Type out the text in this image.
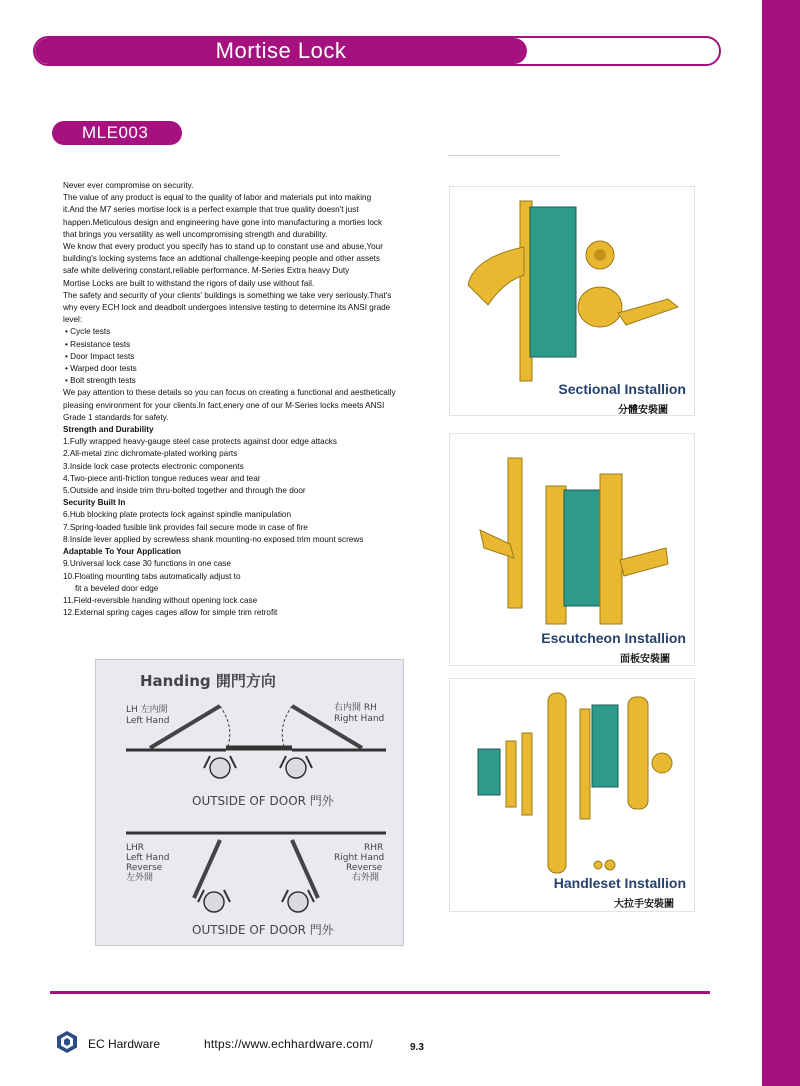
Mortise Lock
MLE003
Never ever compromise on security.
The value of any product is equal to the quality of labor and materials put into making
it.And the M7 series mortise lock is a perfect example that true quality doesn't just
happen.Meticulous design and engineering have gone into manufacturing a morties lock
that brings you versatility as well uncompromising strength and durability.
We know that every product you specify has to stand up to constant use and abuse,Your
building's locking systems face an addtional challenge-keeping people and other assets
safe white delivering constant,reliable performance. M-Series Extra heavy Duty
Mortise Locks are built to withstand the rigors of daily use without fail.
The safety and security of your clients' buildings is something we take very seriously.That's
why every ECH lock and deadbolt undergoes intensive testing to determine its ANSI grade
level:
• Cycle tests
• Resistance tests
• Door Impact tests
• Warped door tests
• Bolt strength tests
We pay attention to these details so you can focus on creating a functional and aesthetically
pleasing environment for your clients.In fact,enery one of our M-Series locks meets ANSI
Grade 1 standards for safety.
Strength and Durability
1.Fully wrapped heavy-gauge steel case protects against door edge attacks
2.All-metal zinc dichromate-plated working parts
3.Inside lock case protects electronic components
4.Two-piece anti-friction tongue reduces wear and tear
5.Outside and inside trim thru-bolted together and through the door
Security Built In
6.Hub blocking plate protects lock against spindle manipulation
7.Spring-loaded fusible link provides fail secure mode in case of fire
8.Inside lever applied by screwless shank mounting-no exposed trim mount screws
Adaptable To Your Application
9.Universal lock case 30 functions in one case
10.Floating mounting tabs automatically adjust to
fit a beveled door edge
11.Field-reversible handing without opening lock case
12.External spring cages cages allow for simple trim retrofit
Handing 開門方向
LH 左内開
Left Hand
右内開 RH
Right Hand
OUTSIDE OF DOOR 門外
LHR
Left Hand
Reverse
左外開
RHR
Right Hand
Reverse
右外開
OUTSIDE OF DOOR 門外
Sectional Installion
分體安裝圖
Escutcheon Installion
面板安裝圖
Handleset Installion
大拉手安裝圖
EC Hardware	https://www.echhardware.com/	9.3
